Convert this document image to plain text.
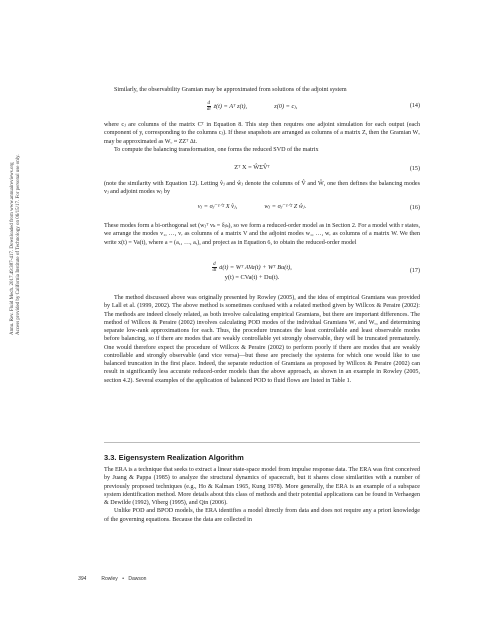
Annu. Rev. Fluid Mech. 2017.49:387-417. Downloaded from www.annualreviews.org Access provided by California Institute of Technology on 06/15/17. For personal use only.

Similarly, the observability Gramian may be approximated from solutions of the adjoint system

$\frac{d}{dt}$ ż(t) = Aᵀ z(t),	z(0) = cⱼ,	(14)

where cⱼ are columns of the matrix Cᵀ in Equation 8. This step then requires one adjoint simulation for each output (each component of y, corresponding to the columns cⱼ). If these snapshots are arranged as columns of a matrix Z, then the Gramian Wₒ may be approximated as Wₒ ≈ ZZᵀ Δt.

To compute the balancing transformation, one forms the reduced SVD of the matrix

Zᵀ X = ŴΣV̂ᵀ	(15)

(note the similarity with Equation 12). Letting v̂ⱼ and ŵⱼ denote the columns of V̂ and Ŵ, one then defines the balancing modes vⱼ and adjoint modes wⱼ by

vⱼ = σⱼ⁻¹ᐟ² X v̂ⱼ,	wⱼ = σⱼ⁻¹ᐟ² Z ŵⱼ.	(16)

These modes form a bi-orthogonal set (wⱼᵀ vₖ = δⱼₖ), so we form a reduced-order model as in Section 2. For a model with r states, we arrange the modes v₁, …, vᵣ as columns of a matrix V and the adjoint modes w₁, …, wᵣ as columns of a matrix W. We then write x(t) = Va(t), where a = (a₁, …, aᵣ), and project as in Equation 6, to obtain the reduced-order model

$\frac{d}{dt}$ ȧ(t) = Wᵀ AVa(t) + Wᵀ Bu(t),
y(t) = CVa(t) + Du(t).
(17)

The method discussed above was originally presented by Rowley (2005), and the idea of empirical Gramians was provided by Lall et al. (1999, 2002). The above method is sometimes confused with a related method given by Willcox & Peraire (2002): The methods are indeed closely related, as both involve calculating empirical Gramians, but there are important differences. The method of Willcox & Peraire (2002) involves calculating POD modes of the individual Gramians Wᵣ and Wₒ, and determining separate low-rank approximations for each. Thus, the procedure truncates the least controllable and least observable modes before balancing, so if there are modes that are weakly controllable yet strongly observable, they will be truncated prematurely. One would therefore expect the procedure of Willcox & Peraire (2002) to perform poorly if there are modes that are weakly controllable and strongly observable (and vice versa)—but these are precisely the systems for which one would like to use balanced truncation in the first place. Indeed, the separate reduction of Gramians as proposed by Willcox & Peraire (2002) can result in significantly less accurate reduced-order models than the above approach, as shown in an example in Rowley (2005, section 4.2). Several examples of the application of balanced POD to fluid flows are listed in Table 1.

3.3. Eigensystem Realization Algorithm

The ERA is a technique that seeks to extract a linear state-space model from impulse response data. The ERA was first conceived by Juang & Pappa (1985) to analyze the structural dynamics of spacecraft, but it shares close similarities with a number of previously proposed techniques (e.g., Ho & Kalman 1965, Kung 1978). More generally, the ERA is an example of a subspace system identification method. More details about this class of methods and their potential applications can be found in Verhaegen & Dewilde (1992), Viberg (1995), and Qin (2006).

Unlike POD and BPOD models, the ERA identifies a model directly from data and does not require any a priori knowledge of the governing equations. Because the data are collected in

394	Rowley • Dawson
